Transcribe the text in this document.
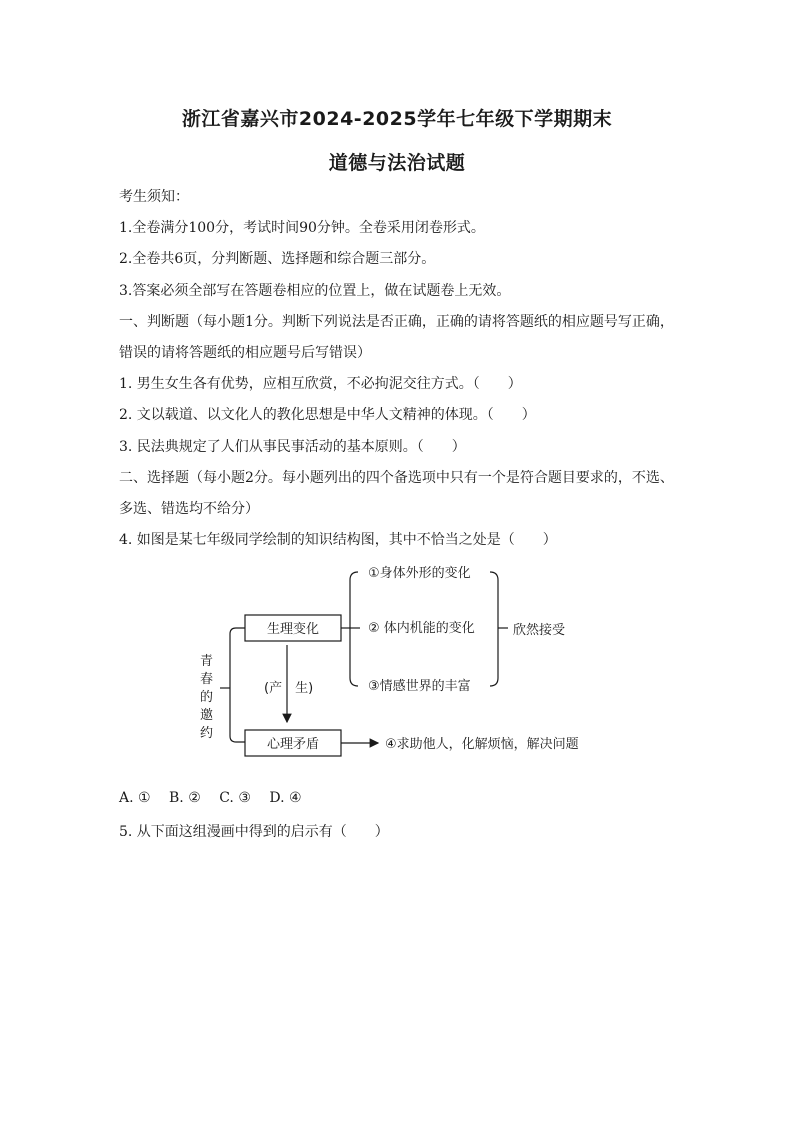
浙江省嘉兴市2024-2025学年七年级下学期期末
道德与法治试题
考生须知：
1.全卷满分100分，考试时间90分钟。全卷采用闭卷形式。
2.全卷共6页，分判断题、选择题和综合题三部分。
3.答案必须全部写在答题卷相应的位置上，做在试题卷上无效。
一、判断题（每小题1分。判断下列说法是否正确，正确的请将答题纸的相应题号写正确，
错误的请将答题纸的相应题号后写错误）
1. 男生女生各有优势，应相互欣赏，不必拘泥交往方式。（　　）
2. 文以载道、以文化人的教化思想是中华人文精神的体现。（　　）
3. 民法典规定了人们从事民事活动的基本原则。（　　）
二、选择题（每小题2分。每小题列出的四个备选项中只有一个是符合题目要求的，不选、
多选、错选均不给分）
4. 如图是某七年级同学绘制的知识结构图，其中不恰当之处是（　　）
青
春
的
邀
约
生理变化
心理矛盾
①身体外形的变化
② 体内机能的变化
③情感世界的丰富
欣然接受
(产　生)
④求助他人，化解烦恼，解决问题
A. ① B. ② C. ③ D. ④
5. 从下面这组漫画中得到的启示有（　　）
